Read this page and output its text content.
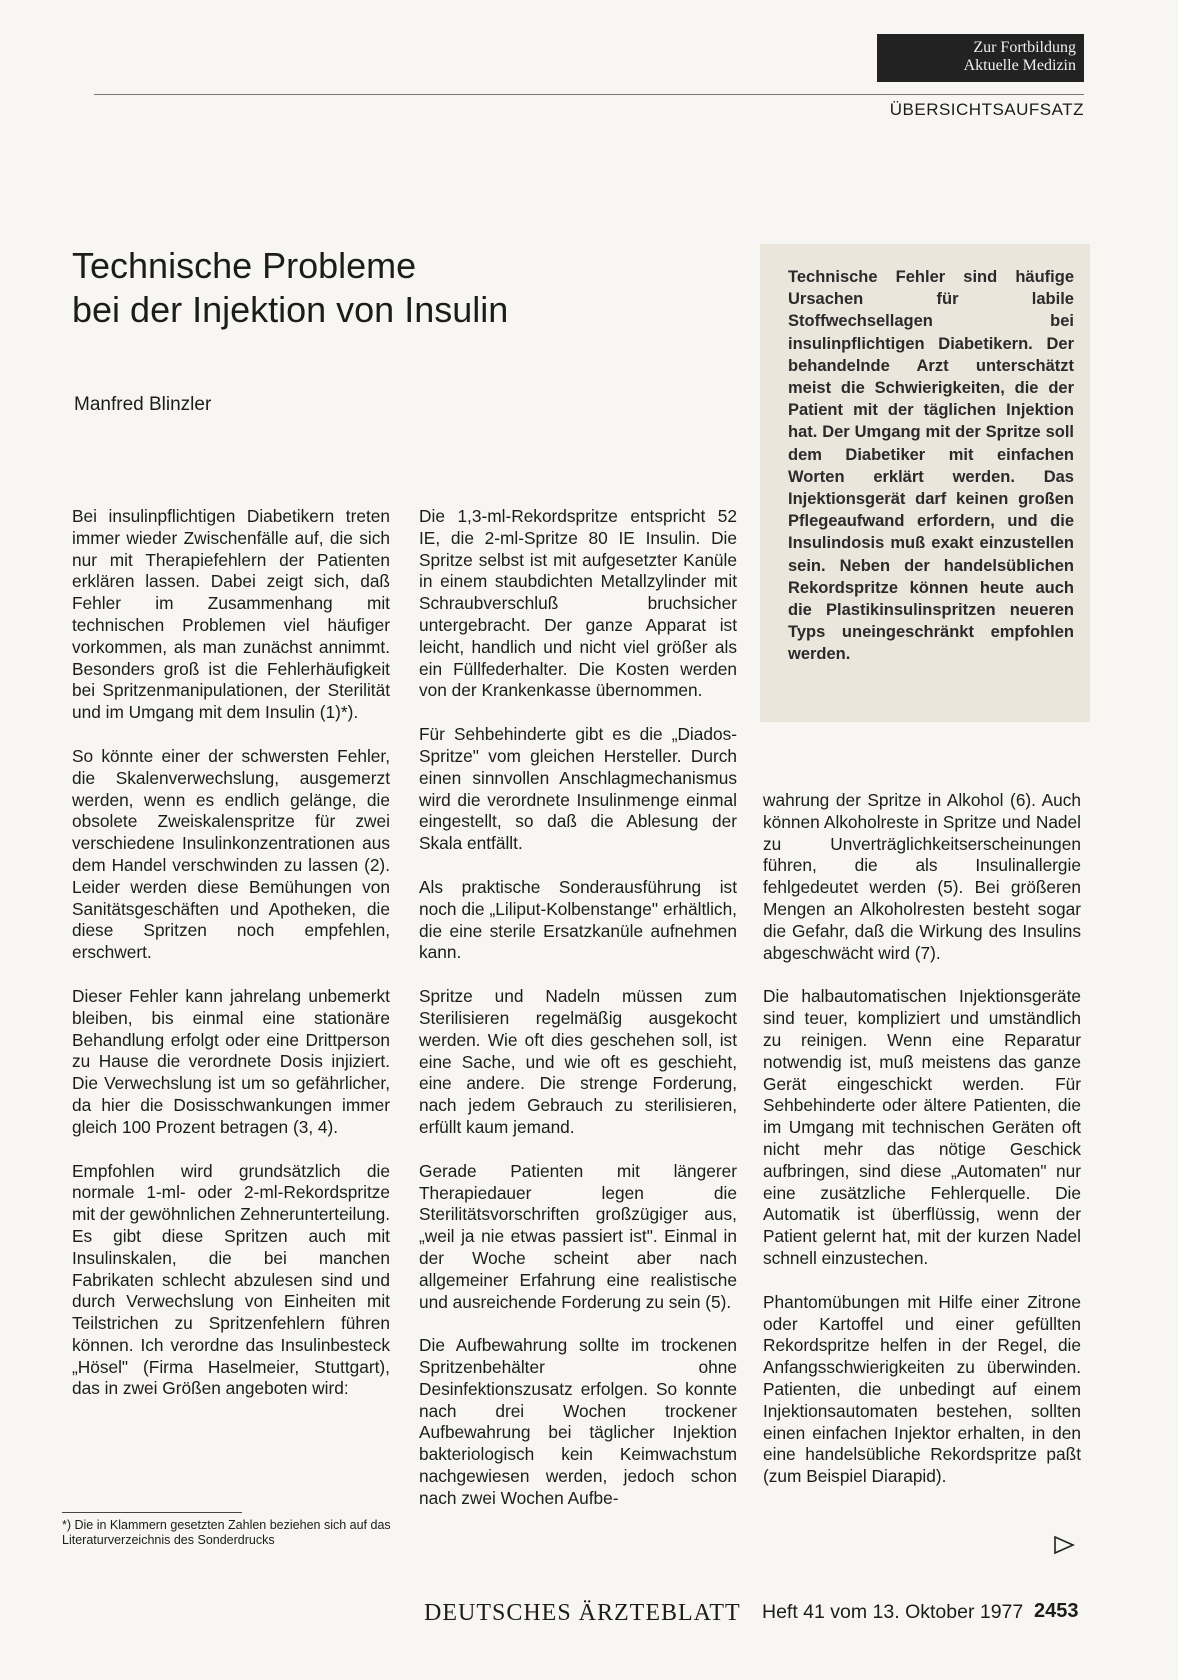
Zur Fortbildung
Aktuelle Medizin
ÜBERSICHTSAUFSATZ
Technische Probleme
bei der Injektion von Insulin
Manfred Blinzler

Technische Fehler sind häufige Ursachen für labile Stoffwechsellagen bei insulinpflichtigen Diabetikern. Der behandelnde Arzt unterschätzt meist die Schwierigkeiten, die der Patient mit der täglichen Injektion hat. Der Umgang mit der Spritze soll dem Diabetiker mit einfachen Worten erklärt werden. Das Injektionsgerät darf keinen großen Pflegeaufwand erfordern, und die Insulindosis muß exakt einzustellen sein. Neben der handelsüblichen Rekordspritze können heute auch die Plastikinsulinspritzen neueren Typs uneingeschränkt empfohlen werden.

Bei insulinpflichtigen Diabetikern treten immer wieder Zwischenfälle auf, die sich nur mit Therapiefehlern der Patienten erklären lassen. Dabei zeigt sich, daß Fehler im Zusammenhang mit technischen Problemen viel häufiger vorkommen, als man zunächst annimmt. Besonders groß ist die Fehlerhäufigkeit bei Spritzenmanipulationen, der Sterilität und im Umgang mit dem Insulin (1)*).

So könnte einer der schwersten Fehler, die Skalenverwechslung, ausgemerzt werden, wenn es endlich gelänge, die obsolete Zweiskalenspritze für zwei verschiedene Insulinkonzentrationen aus dem Handel verschwinden zu lassen (2). Leider werden diese Bemühungen von Sanitätsgeschäften und Apotheken, die diese Spritzen noch empfehlen, erschwert.

Dieser Fehler kann jahrelang unbemerkt bleiben, bis einmal eine stationäre Behandlung erfolgt oder eine Drittperson zu Hause die verordnete Dosis injiziert. Die Verwechslung ist um so gefährlicher, da hier die Dosisschwankungen immer gleich 100 Prozent betragen (3, 4).

Empfohlen wird grundsätzlich die normale 1-ml- oder 2-ml-Rekordspritze mit der gewöhnlichen Zehnerunterteilung. Es gibt diese Spritzen auch mit Insulinskalen, die bei manchen Fabrikaten schlecht abzulesen sind und durch Verwechslung von Einheiten mit Teilstrichen zu Spritzenfehlern führen können. Ich verordne das Insulinbesteck „Hösel" (Firma Haselmeier, Stuttgart), das in zwei Größen angeboten wird:

Die 1,3-ml-Rekordspritze entspricht 52 IE, die 2-ml-Spritze 80 IE Insulin. Die Spritze selbst ist mit aufgesetzter Kanüle in einem staubdichten Metallzylinder mit Schraubverschluß bruchsicher untergebracht. Der ganze Apparat ist leicht, handlich und nicht viel größer als ein Füllfederhalter. Die Kosten werden von der Krankenkasse übernommen.

Für Sehbehinderte gibt es die „Diados-Spritze" vom gleichen Hersteller. Durch einen sinnvollen Anschlagmechanismus wird die verordnete Insulinmenge einmal eingestellt, so daß die Ablesung der Skala entfällt.

Als praktische Sonderausführung ist noch die „Liliput-Kolbenstange" erhältlich, die eine sterile Ersatzkanüle aufnehmen kann.

Spritze und Nadeln müssen zum Sterilisieren regelmäßig ausgekocht werden. Wie oft dies geschehen soll, ist eine Sache, und wie oft es geschieht, eine andere. Die strenge Forderung, nach jedem Gebrauch zu sterilisieren, erfüllt kaum jemand.

Gerade Patienten mit längerer Therapiedauer legen die Sterilitätsvorschriften großzügiger aus, „weil ja nie etwas passiert ist". Einmal in der Woche scheint aber nach allgemeiner Erfahrung eine realistische und ausreichende Forderung zu sein (5).

Die Aufbewahrung sollte im trockenen Spritzenbehälter ohne Desinfektionszusatz erfolgen. So konnte nach drei Wochen trockener Aufbewahrung bei täglicher Injektion bakteriologisch kein Keimwachstum nachgewiesen werden, jedoch schon nach zwei Wochen Aufbe-

wahrung der Spritze in Alkohol (6). Auch können Alkoholreste in Spritze und Nadel zu Unverträglichkeitserscheinungen führen, die als Insulinallergie fehlgedeutet werden (5). Bei größeren Mengen an Alkoholresten besteht sogar die Gefahr, daß die Wirkung des Insulins abgeschwächt wird (7).

Die halbautomatischen Injektionsgeräte sind teuer, kompliziert und umständlich zu reinigen. Wenn eine Reparatur notwendig ist, muß meistens das ganze Gerät eingeschickt werden. Für Sehbehinderte oder ältere Patienten, die im Umgang mit technischen Geräten oft nicht mehr das nötige Geschick aufbringen, sind diese „Automaten" nur eine zusätzliche Fehlerquelle. Die Automatik ist überflüssig, wenn der Patient gelernt hat, mit der kurzen Nadel schnell einzustechen.

Phantomübungen mit Hilfe einer Zitrone oder Kartoffel und einer gefüllten Rekordspritze helfen in der Regel, die Anfangsschwierigkeiten zu überwinden. Patienten, die unbedingt auf einem Injektionsautomaten bestehen, sollten einen einfachen Injektor erhalten, in den eine handelsübliche Rekordspritze paßt (zum Beispiel Diarapid).

*) Die in Klammern gesetzten Zahlen beziehen sich auf das Literaturverzeichnis des Sonderdrucks
DEUTSCHES ÄRZTEBLATT Heft 41 vom 13. Oktober 1977 2453
